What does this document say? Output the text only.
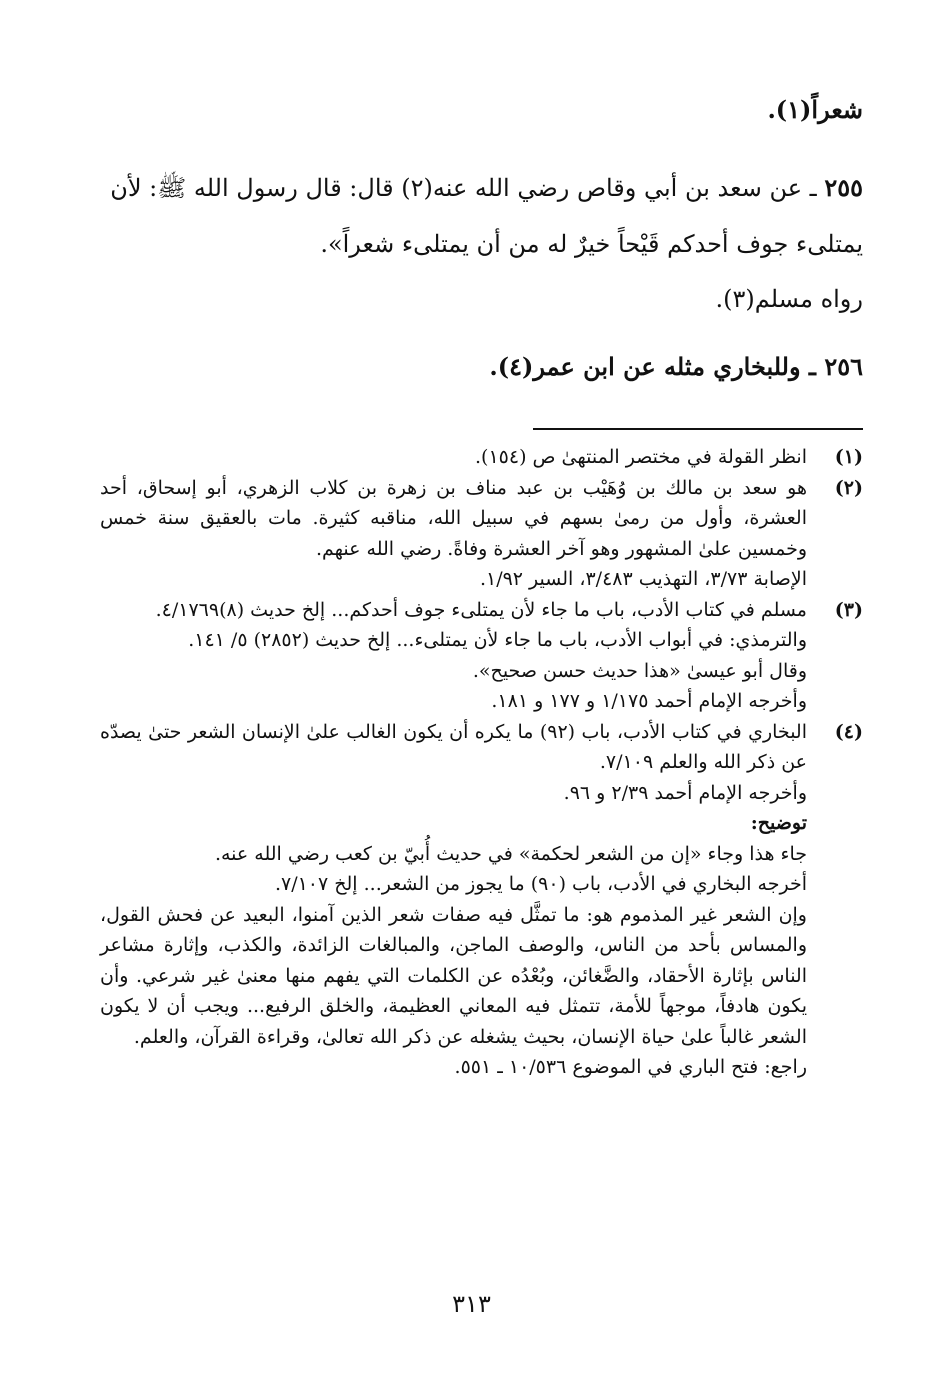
شعراً(١).
٢٥٥ ـ عن سعد بن أبي وقاص رضي الله عنه(٢) قال: قال رسول الله ﷺ: لأن يمتلىء جوف أحدكم قَيْحاً خيرٌ له من أن يمتلىء شعراً».
رواه مسلم(٣).
٢٥٦ ـ وللبخاري مثله عن ابن عمر(٤).
(١)

انظر القولة في مختصر المنتهىٰ ص (١٥٤).

(٢)

هو سعد بن مالك بن وُهَيْب بن عبد مناف بن زهرة بن كلاب الزهري، أبو إسحاق، أحد العشرة، وأول من رمىٰ بسهم في سبيل الله، مناقبه كثيرة. مات بالعقيق سنة خمس وخمسين علىٰ المشهور وهو آخر العشرة وفاةً. رضي الله عنهم.

الإصابة ٣/٧٣، التهذيب ٣/٤٨٣، السير ١/٩٢.

(٣)

مسلم في كتاب الأدب، باب ما جاء لأن يمتلىء جوف أحدكم... إلخ حديث (٨)٤/١٧٦٩.

والترمذي: في أبواب الأدب، باب ما جاء لأن يمتلىء... إلخ حديث (٢٨٥٢) ٥/ ١٤١.

وقال أبو عيسىٰ «هذا حديث حسن صحيح».

وأخرجه الإمام أحمد ١/١٧٥ و ١٧٧ و ١٨١.

(٤)

البخاري في كتاب الأدب، باب (٩٢) ما يكره أن يكون الغالب علىٰ الإنسان الشعر حتىٰ يصدّه عن ذكر الله والعلم ٧/١٠٩.

وأخرجه الإمام أحمد ٢/٣٩ و ٩٦.

توضيح:

جاء هذا وجاء «إن من الشعر لحكمة» في حديث أُبيّ بن كعب رضي الله عنه.

أخرجه البخاري في الأدب، باب (٩٠) ما يجوز من الشعر... إلخ ٧/١٠٧.

وإن الشعر غير المذموم هو: ما تمثَّل فيه صفات شعر الذين آمنوا، البعيد عن فحش القول، والمساس بأحد من الناس، والوصف الماجن، والمبالغات الزائدة، والكذب، وإثارة مشاعر الناس بإثارة الأحقاد، والضَّغائن، وبُعْدُه عن الكلمات التي يفهم منها معنىٰ غير شرعي. وأن يكون هادفاً، موجهاً للأمة، تتمثل فيه المعاني العظيمة، والخلق الرفيع... ويجب أن لا يكون الشعر غالباً علىٰ حياة الإنسان، بحيث يشغله عن ذكر الله تعالىٰ، وقراءة القرآن، والعلم.

راجع: فتح الباري في الموضوع ١٠/٥٣٦ ـ ٥٥١.

٣١٣
